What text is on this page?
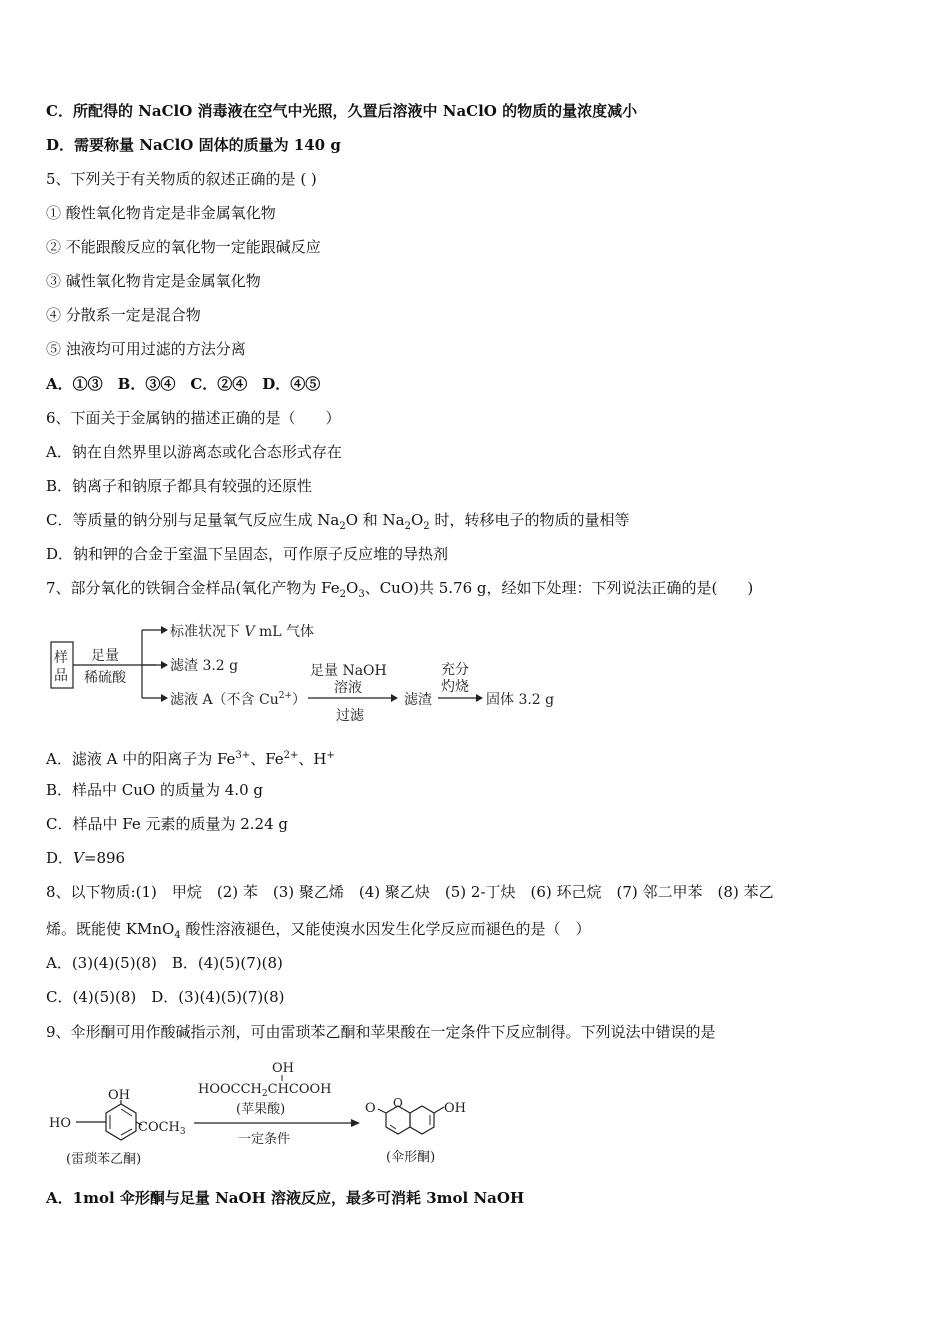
C．所配得的 NaClO 消毒液在空气中光照，久置后溶液中 NaClO 的物质的量浓度减小
D．需要称量 NaClO 固体的质量为 140 g
5、下列关于有关物质的叙述正确的是 ( )
① 酸性氧化物肯定是非金属氧化物
② 不能跟酸反应的氧化物一定能跟碱反应
③ 碱性氧化物肯定是金属氧化物
④ 分散系一定是混合物
⑤ 浊液均可用过滤的方法分离
A．①③　B．③④　C．②④　D．④⑤
6、下面关于金属钠的描述正确的是（　　）
A．钠在自然界里以游离态或化合态形式存在
B．钠离子和钠原子都具有较强的还原性
C．等质量的钠分别与足量氧气反应生成 $Na_2O$ 和 $Na_2O_2$ 时，转移电子的物质的量相等
D．钠和钾的合金于室温下呈固态，可作原子反应堆的导热剂
7、部分氧化的铁铜合金样品(氧化产物为 $Fe_2O_3$、CuO)共 5.76 g，经如下处理：下列说法正确的是(　　)
样
品
足量
稀硫酸
标准状况下 V mL 气体
滤渣 3.2 g
滤液 A（不含 $Cu^{2+}$）
足量 NaOH
溶液
过滤
滤渣
充分
灼烧
固体 3.2 g
A．滤液 A 中的阳离子为 $Fe^{3+}$、$Fe^{2+}$、H+
B．样品中 CuO 的质量为 4.0 g
C．样品中 Fe 元素的质量为 2.24 g
D．V=896
8、以下物质:(1)　甲烷　(2) 苯　(3) 聚乙烯　(4) 聚乙炔　(5) 2-丁炔　(6) 环己烷　(7) 邻二甲苯　(8) 苯乙
烯。既能使 KMnO$_4$ 酸性溶液褪色，又能使溴水因发生化学反应而褪色的是（　）
A．(3)(4)(5)(8)　B．(4)(5)(7)(8)
C．(4)(5)(8)　D．(3)(4)(5)(7)(8)
9、伞形酮可用作酸碱指示剂，可由雷琐苯乙酮和苹果酸在一定条件下反应制得。下列说法中错误的是
HO
OH
$COCH_3$
(雷琐苯乙酮)
OH
$HOOCCH_2CHCOOH$
(苹果酸)
一定条件
O O	OH
(伞形酮)
A．1mol 伞形酮与足量 NaOH 溶液反应，最多可消耗 3mol NaOH
